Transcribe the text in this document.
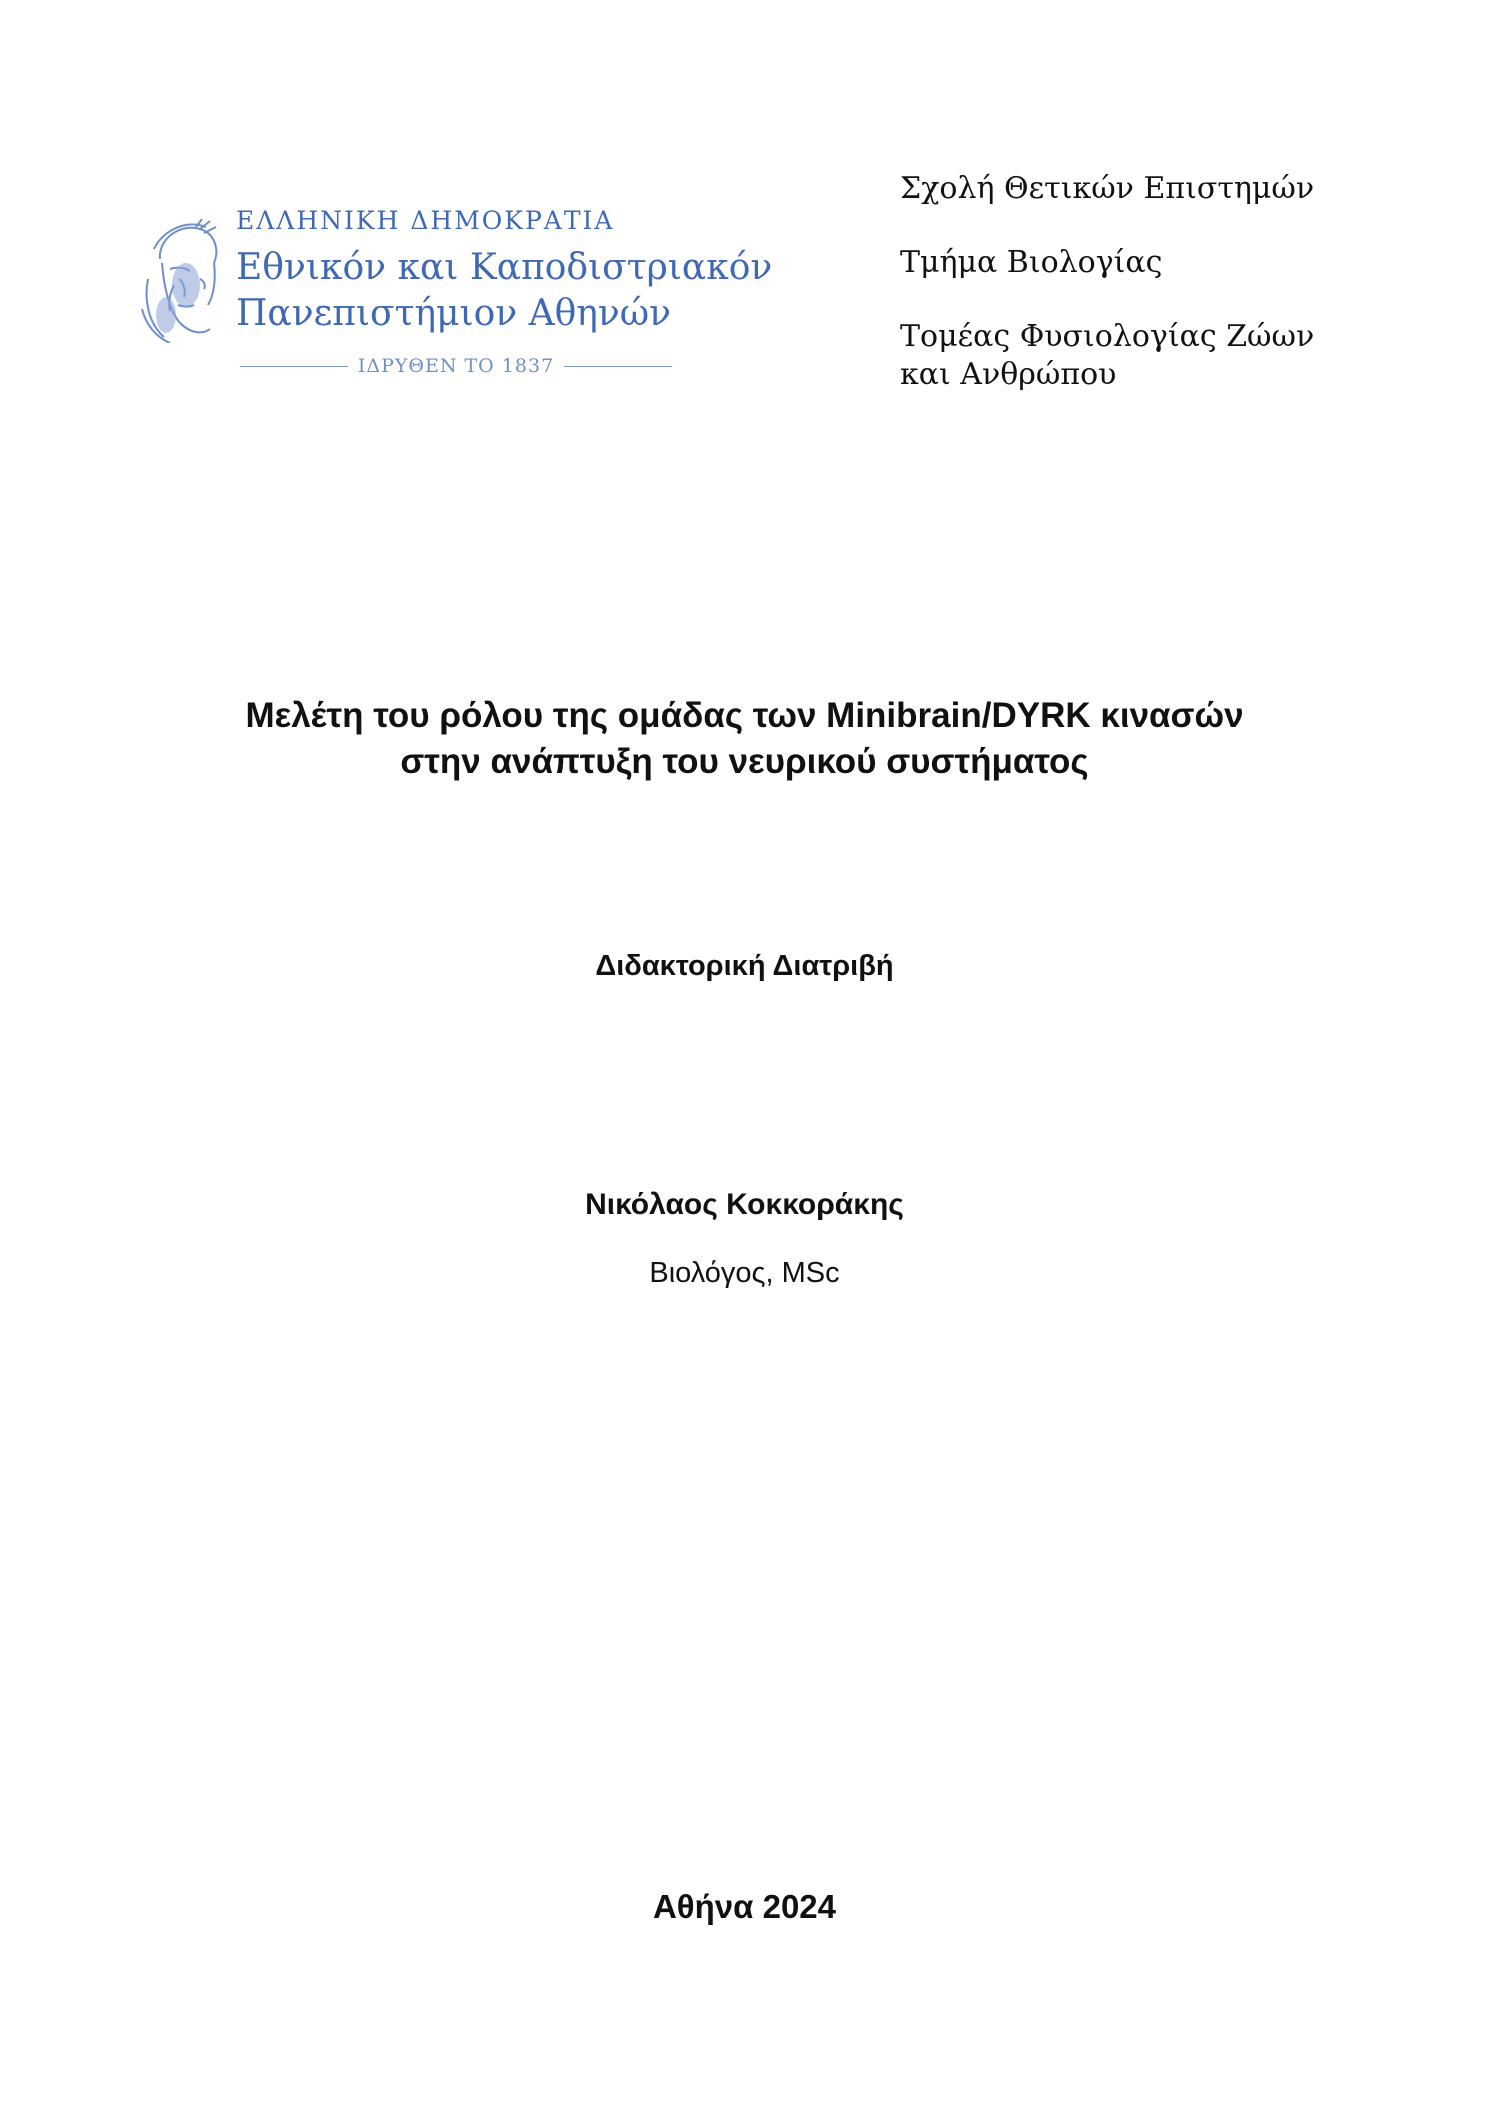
ΕΛΛΗΝΙΚΗ ΔΗΜΟΚΡΑΤΙΑ
Εθνικόν και Καποδιστριακόν
Πανεπιστήμιον Αθηνών
ΙΔΡΥΘΕΝ ΤΟ 1837
Σχολή Θετικών Επιστημών
Τμήμα Βιολογίας
Τομέας Φυσιολογίας Ζώων
και Ανθρώπου
Μελέτη του ρόλου της ομάδας των Minibrain/DYRK κινασών
στην ανάπτυξη του νευρικού συστήματος
Διδακτορική Διατριβή
Νικόλαος Κοκκοράκης
Βιολόγος, MSc
Αθήνα 2024
